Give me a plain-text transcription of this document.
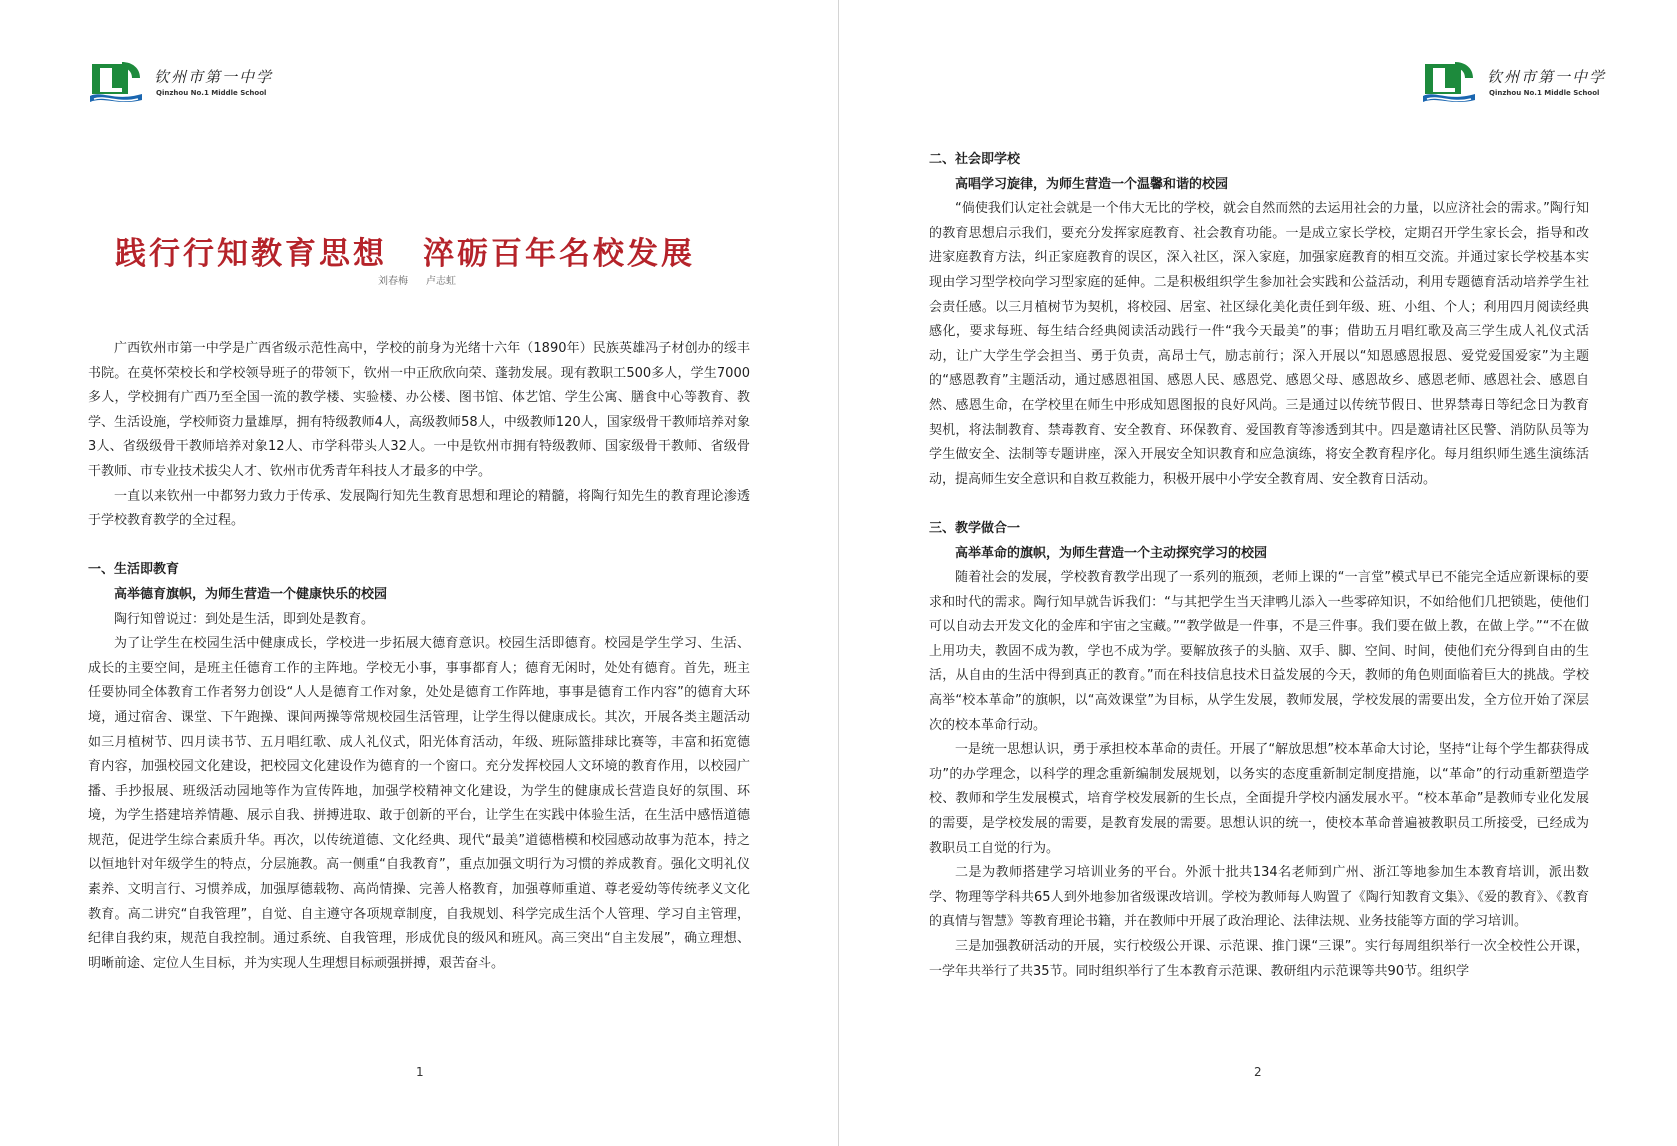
钦州市第一中学
Qinzhou No.1 Middle School
践行行知教育思想 淬砺百年名校发展
刘春梅 卢志虹

广西钦州市第一中学是广西省级示范性高中，学校的前身为光绪十六年（1890年）民族英雄冯子材创办的绥丰书院。在莫怀荣校长和学校领导班子的带领下，钦州一中正欣欣向荣、蓬勃发展。现有教职工500多人，学生7000多人，学校拥有广西乃至全国一流的教学楼、实验楼、办公楼、图书馆、体艺馆、学生公寓、膳食中心等教育、教学、生活设施，学校师资力量雄厚，拥有特级教师4人，高级教师58人，中级教师120人，国家级骨干教师培养对象3人、省级级骨干教师培养对象12人、市学科带头人32人。一中是钦州市拥有特级教师、国家级骨干教师、省级骨干教师、市专业技术拔尖人才、钦州市优秀青年科技人才最多的中学。

一直以来钦州一中都努力致力于传承、发展陶行知先生教育思想和理论的精髓，将陶行知先生的教育理论渗透于学校教育教学的全过程。

一、生活即教育

高举德育旗帜，为师生营造一个健康快乐的校园

陶行知曾说过：到处是生活，即到处是教育。

为了让学生在校园生活中健康成长，学校进一步拓展大德育意识。校园生活即德育。校园是学生学习、生活、成长的主要空间，是班主任德育工作的主阵地。学校无小事，事事都育人；德育无闲时，处处有德育。首先，班主任要协同全体教育工作者努力创设“人人是德育工作对象，处处是德育工作阵地，事事是德育工作内容”的德育大环境，通过宿舍、课堂、下午跑操、课间两操等常规校园生活管理，让学生得以健康成长。其次，开展各类主题活动如三月植树节、四月读书节、五月唱红歌、成人礼仪式，阳光体育活动，年级、班际篮排球比赛等，丰富和拓宽德育内容，加强校园文化建设，把校园文化建设作为德育的一个窗口。充分发挥校园人文环境的教育作用，以校园广播、手抄报展、班级活动园地等作为宣传阵地，加强学校精神文化建设，为学生的健康成长营造良好的氛围、环境，为学生搭建培养情趣、展示自我、拼搏进取、敢于创新的平台，让学生在实践中体验生活，在生活中感悟道德规范，促进学生综合素质升华。再次，以传统道德、文化经典、现代“最美”道德楷模和校园感动故事为范本，持之以恒地针对年级学生的特点，分层施教。高一侧重“自我教育”，重点加强文明行为习惯的养成教育。强化文明礼仪素养、文明言行、习惯养成，加强厚德载物、高尚情操、完善人格教育，加强尊师重道、尊老爱幼等传统孝义文化教育。高二讲究“自我管理”，自觉、自主遵守各项规章制度，自我规划、科学完成生活个人管理、学习自主管理，纪律自我约束，规范自我控制。通过系统、自我管理，形成优良的级风和班风。高三突出“自主发展”，确立理想、明晰前途、定位人生目标，并为实现人生理想目标顽强拼搏，艰苦奋斗。

1
钦州市第一中学
Qinzhou No.1 Middle School

二、社会即学校

高唱学习旋律，为师生营造一个温馨和谐的校园

“倘使我们认定社会就是一个伟大无比的学校，就会自然而然的去运用社会的力量，以应济社会的需求。”陶行知的教育思想启示我们，要充分发挥家庭教育、社会教育功能。一是成立家长学校，定期召开学生家长会，指导和改进家庭教育方法，纠正家庭教育的误区，深入社区，深入家庭，加强家庭教育的相互交流。并通过家长学校基本实现由学习型学校向学习型家庭的延伸。二是积极组织学生参加社会实践和公益活动，利用专题德育活动培养学生社会责任感。以三月植树节为契机，将校园、居室、社区绿化美化责任到年级、班、小组、个人；利用四月阅读经典感化，要求每班、每生结合经典阅读活动践行一件“我今天最美”的事；借助五月唱红歌及高三学生成人礼仪式活动，让广大学生学会担当、勇于负责，高昂士气，励志前行；深入开展以“知恩感恩报恩、爱党爱国爱家”为主题的“感恩教育”主题活动，通过感恩祖国、感恩人民、感恩党、感恩父母、感恩故乡、感恩老师、感恩社会、感恩自然、感恩生命，在学校里在师生中形成知恩图报的良好风尚。三是通过以传统节假日、世界禁毒日等纪念日为教育契机，将法制教育、禁毒教育、安全教育、环保教育、爱国教育等渗透到其中。四是邀请社区民警、消防队员等为学生做安全、法制等专题讲座，深入开展安全知识教育和应急演练，将安全教育程序化。每月组织师生逃生演练活动，提高师生安全意识和自救互救能力，积极开展中小学安全教育周、安全教育日活动。

三、教学做合一

高举革命的旗帜，为师生营造一个主动探究学习的校园

随着社会的发展，学校教育教学出现了一系列的瓶颈，老师上课的“一言堂”模式早已不能完全适应新课标的要求和时代的需求。陶行知早就告诉我们：“与其把学生当天津鸭儿添入一些零碎知识，不如给他们几把锁匙，使他们可以自动去开发文化的金库和宇宙之宝藏。”“教学做是一件事，不是三件事。我们要在做上教，在做上学。”“不在做上用功夫，教固不成为教，学也不成为学。要解放孩子的头脑、双手、脚、空间、时间，使他们充分得到自由的生活，从自由的生活中得到真正的教育。”而在科技信息技术日益发展的今天，教师的角色则面临着巨大的挑战。学校高举“校本革命”的旗帜，以“高效课堂”为目标，从学生发展，教师发展，学校发展的需要出发，全方位开始了深层次的校本革命行动。

一是统一思想认识，勇于承担校本革命的责任。开展了“解放思想”校本革命大讨论，坚持“让每个学生都获得成功”的办学理念，以科学的理念重新编制发展规划，以务实的态度重新制定制度措施，以“革命”的行动重新塑造学校、教师和学生发展模式，培育学校发展新的生长点，全面提升学校内涵发展水平。“校本革命”是教师专业化发展的需要，是学校发展的需要，是教育发展的需要。思想认识的统一，使校本革命普遍被教职员工所接受，已经成为教职员工自觉的行为。

二是为教师搭建学习培训业务的平台。外派十批共134名老师到广州、浙江等地参加生本教育培训，派出数学、物理等学科共65人到外地参加省级课改培训。学校为教师每人购置了《陶行知教育文集》、《爱的教育》、《教育的真情与智慧》等教育理论书籍，并在教师中开展了政治理论、法律法规、业务技能等方面的学习培训。

三是加强教研活动的开展，实行校级公开课、示范课、推门课“三课”。实行每周组织举行一次全校性公开课，一学年共举行了共35节。同时组织举行了生本教育示范课、教研组内示范课等共90节。组织学

2
